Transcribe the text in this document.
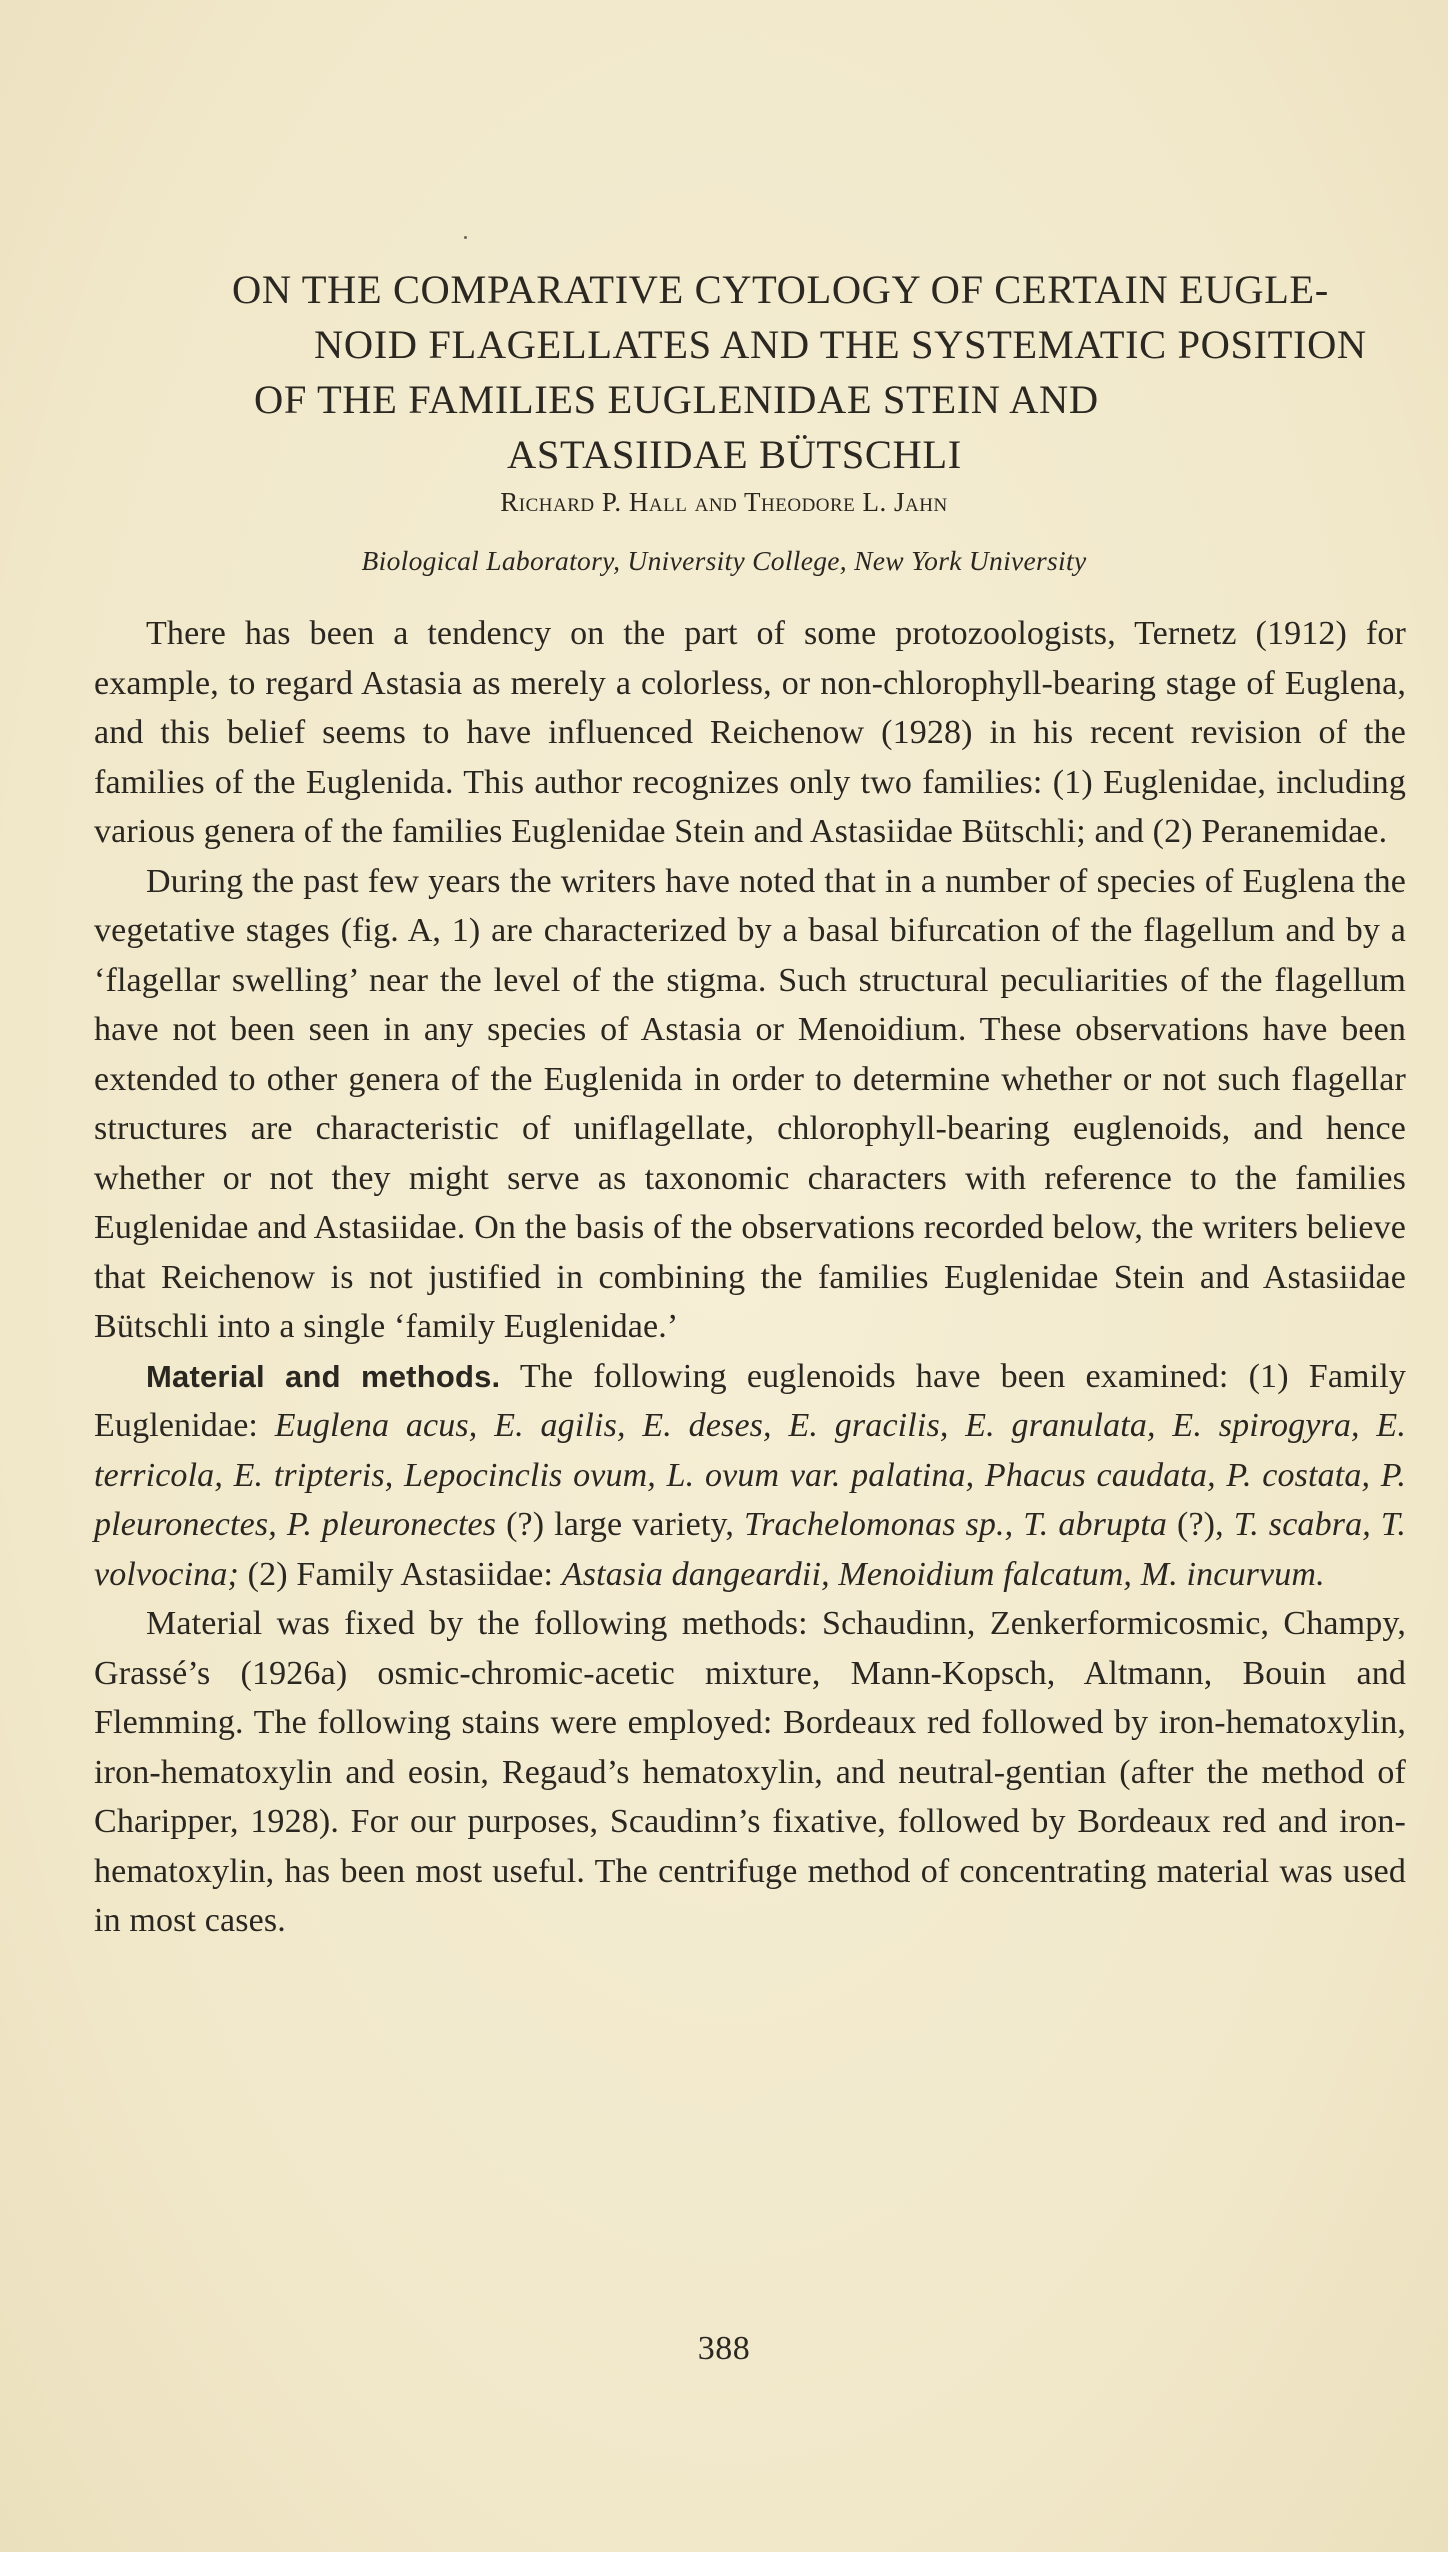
ON THE COMPARATIVE CYTOLOGY OF CERTAIN EUGLE-
NOID FLAGELLATES AND THE SYSTEMATIC POSITION
OF THE FAMILIES EUGLENIDAE STEIN AND
ASTASIIDAE BÜTSCHLI
Richard P. Hall and Theodore L. Jahn
Biological Laboratory, University College, New York University

There has been a tendency on the part of some protozoologists, Ternetz (1912) for example, to regard Astasia as merely a colorless, or non-chlorophyll-bearing stage of Euglena, and this belief seems to have influenced Reichenow (1928) in his recent revision of the families of the Euglenida. This author recognizes only two families: (1) Euglenidae, including various genera of the families Euglenidae Stein and Astasiidae Bütschli; and (2) Peranemidae.

During the past few years the writers have noted that in a number of species of Euglena the vegetative stages (fig. A, 1) are characterized by a basal bifurcation of the flagellum and by a ‘flagellar swelling’ near the level of the stigma. Such structural peculiarities of the flagellum have not been seen in any species of Astasia or Menoidium. These observations have been extended to other genera of the Euglenida in order to determine whether or not such flagellar structures are characteristic of uniflagellate, chlorophyll-bearing euglenoids, and hence whether or not they might serve as taxonomic characters with reference to the families Euglenidae and Astasiidae. On the basis of the observations recorded below, the writers believe that Reichenow is not justified in combining the families Euglenidae Stein and Astasiidae Bütschli into a single ‘family Euglenidae.’

Material and methods. The following euglenoids have been examined: (1) Family Euglenidae: Euglena acus, E. agilis, E. deses, E. gracilis, E. granulata, E. spirogyra, E. terricola, E. tripteris, Lepocinclis ovum, L. ovum var. palatina, Phacus caudata, P. costata, P. pleuronectes, P. pleuronectes (?) large variety, Trachelomonas sp., T. abrupta (?), T. scabra, T. volvocina; (2) Family Astasiidae: Astasia dangeardii, Menoidium falcatum, M. incurvum.

Material was fixed by the following methods: Schaudinn, Zenkerformicosmic, Champy, Grassé’s (1926a) osmic-chromic-acetic mixture, Mann-Kopsch, Altmann, Bouin and Flemming. The following stains were employed: Bordeaux red followed by iron-hematoxylin, iron-hematoxylin and eosin, Regaud’s hematoxylin, and neutral-gentian (after the method of Charipper, 1928). For our purposes, Scaudinn’s fixative, followed by Bordeaux red and iron-hematoxylin, has been most useful. The centrifuge method of concentrating material was used in most cases.

388
